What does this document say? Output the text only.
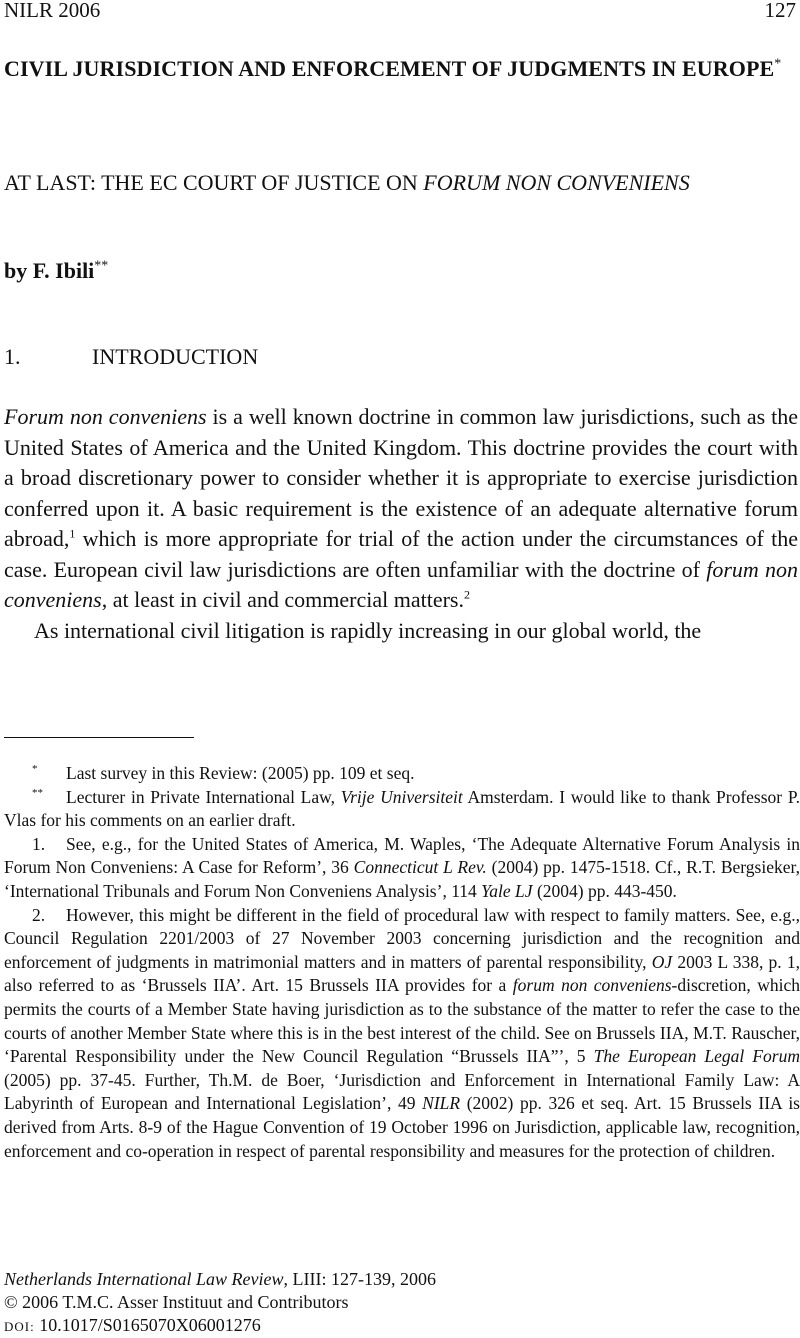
NILR 2006	127
CIVIL JURISDICTION AND ENFORCEMENT OF JUDGMENTS IN EUROPE*
AT LAST: THE EC COURT OF JUSTICE ON FORUM NON CONVENIENS
by F. Ibili**
1.	INTRODUCTION

Forum non conveniens is a well known doctrine in common law jurisdictions, such as the United States of America and the United Kingdom. This doctrine provides the court with a broad discretionary power to consider whether it is appropriate to exercise jurisdiction conferred upon it. A basic requirement is the existence of an adequate alternative forum abroad,$^1$ which is more appropriate for trial of the action under the circumstances of the case. European civil law jurisdictions are often unfamiliar with the doctrine of forum non conveniens, at least in civil and commercial matters.$^2$

As international civil litigation is rapidly increasing in our global world, the

* Last survey in this Review: (2005) pp. 109 et seq.

** Lecturer in Private International Law, Vrije Universiteit Amsterdam. I would like to thank Professor P. Vlas for his comments on an earlier draft.

1. See, e.g., for the United States of America, M. Waples, ‘The Adequate Alternative Forum Analysis in Forum Non Conveniens: A Case for Reform’, 36 Connecticut L Rev. (2004) pp. 1475-1518. Cf., R.T. Bergsieker, ‘International Tribunals and Forum Non Conveniens Analysis’, 114 Yale LJ (2004) pp. 443-450.

2. However, this might be different in the field of procedural law with respect to family matters. See, e.g., Council Regulation 2201/2003 of 27 November 2003 concerning jurisdiction and the recognition and enforcement of judgments in matrimonial matters and in matters of parental responsibility, OJ 2003 L 338, p. 1, also referred to as ‘Brussels IIA’. Art. 15 Brussels IIA provides for a forum non conveniens-discretion, which permits the courts of a Member State having jurisdiction as to the substance of the matter to refer the case to the courts of another Member State where this is in the best interest of the child. See on Brussels IIA, M.T. Rauscher, ‘Parental Responsibility under the New Council Regulation “Brussels IIA”’, 5 The European Legal Forum (2005) pp. 37-45. Further, Th.M. de Boer, ‘Jurisdiction and Enforcement in International Family Law: A Labyrinth of European and International Legislation’, 49 NILR (2002) pp. 326 et seq. Art. 15 Brussels IIA is derived from Arts. 8-9 of the Hague Convention of 19 October 1996 on Jurisdiction, applicable law, recognition, enforcement and co-operation in respect of parental responsibility and measures for the protection of children.

Netherlands International Law Review, LIII: 127-139, 2006
© 2006 T.M.C. Asser Instituut and Contributors
DOI: 10.1017/S0165070X06001276
